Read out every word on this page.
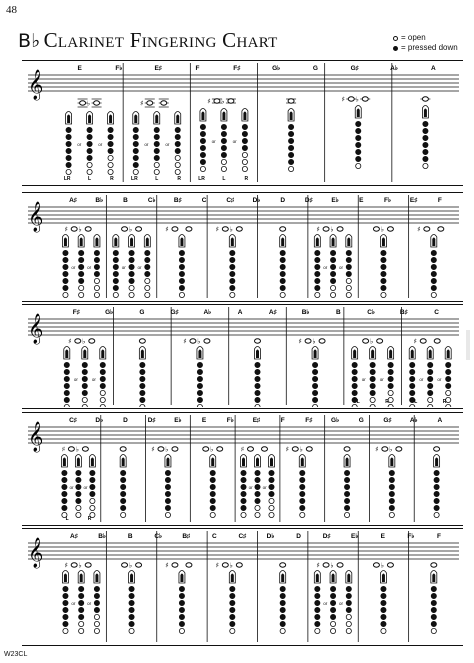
48
B♭ Clarinet Fingering Chart	= open
= pressed down
𝄞
E	F♭	E♯	F	F♯	G♭	G	G♯	A♭	A
♭
or	or
LR	L	R
♯
or	or
LR	L	R
♯ ♭
or	or
LR	L	R
♯ ♭
𝄞
A♯	B♭	B	C♭	B♯	C	C♯	D♭	D	D♯	E♭	E	F♭	E♯	F
♯ ♭
or	or
♭
or	or
♯	♯ ♭	♯ ♭
or	or
♭	♯
𝄞
F♯	G♭	G	G♯	A♭	A	A♯	B♭	B	C♭	B♯	C
♯ ♭
or	or
♯ ♭	♯ ♭	♭
or	or
L	R
♯
or	or
L	R
𝄞
C♯	D♭	D	D♯	E♭	E	F♭	E♯	F	F♯	G♭	G	G♯	A♭	A
♯ ♭
or or
L	R
♯ ♭	♭	♯
or or
♯ ♭	♯ ♭
𝄞
A♯	B♭	B	C♭	B♯	C	C♯	D♭	D	D♯	E♭	E	F♭	F
♯ ♭
or	or
♭	♯	♯ ♭	♯ ♭
or	or
♭
W23CL
